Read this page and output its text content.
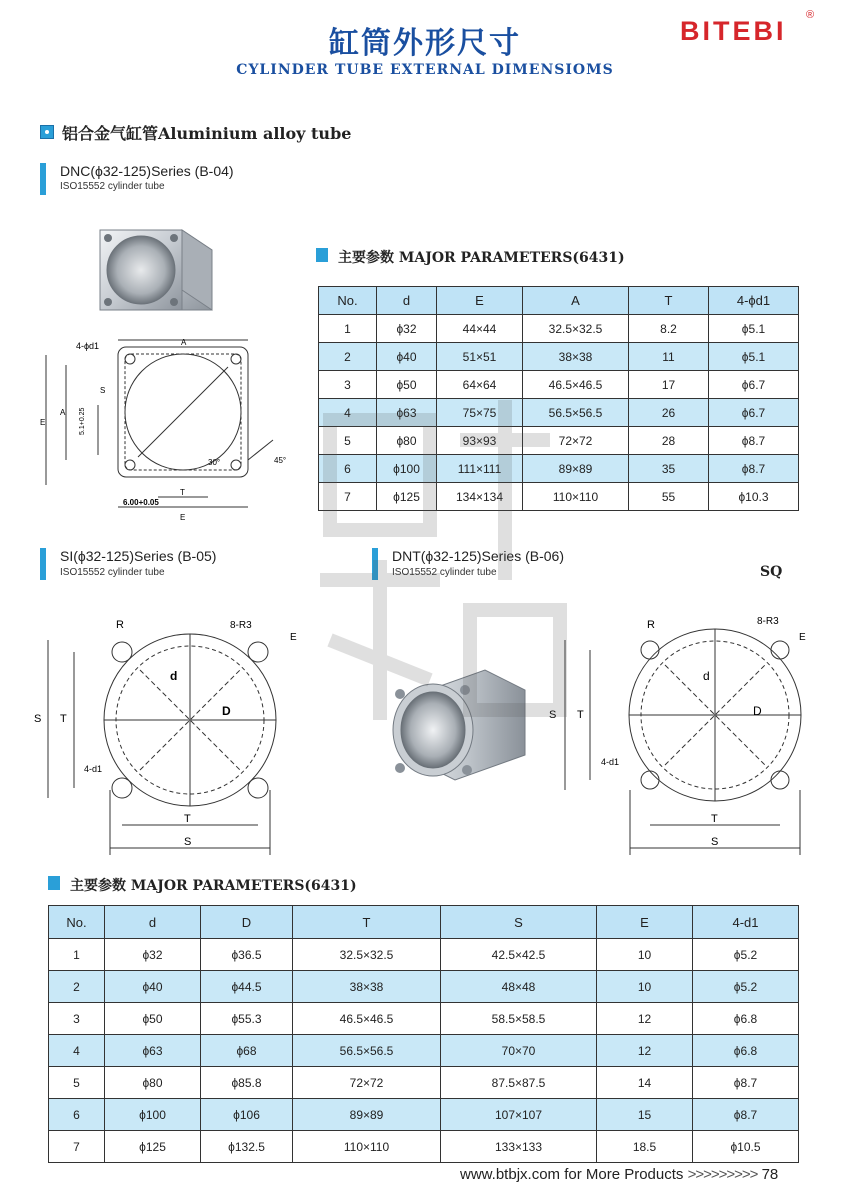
缸筒外形尺寸
CYLINDER TUBE EXTERNAL DIMENSIOMS
BITEBI
®
铝合金气缸管Aluminium alloy tube
DNC(ϕ32-125)Series (B-04)
ISO15552 cylinder tube
4-ϕd1	A
E
A
S
5.1+0.25
30°	45°
6.00+0.05
T
E
主要参数 MAJOR PARAMETERS(6431)
No.	d	E	A	T	4-ϕd1
1	ϕ32	44×44	32.5×32.5	8.2	ϕ5.1
2	ϕ40	51×51	38×38	11	ϕ5.1
3	ϕ50	64×64	46.5×46.5	17	ϕ6.7
4	ϕ63	75×75	56.5×56.5	26	ϕ6.7
5	ϕ80	93×93	72×72	28	ϕ8.7
6	ϕ100	111×111	89×89	35	ϕ8.7
7	ϕ125	134×134	110×110	55	ϕ10.3
SI(ϕ32-125)Series (B-05)
ISO15552 cylinder tube
R	8-R3
E
d
D
S T
4-d1
T
S
DNT(ϕ32-125)Series (B-06)
ISO15552 cylinder tube	SQ
R	8-R3
E
d
D
S T
4-d1
T
S
主要参数 MAJOR PARAMETERS(6431)
No.	d	D	T	S	E	4-d1
1	ϕ32	ϕ36.5	32.5×32.5	42.5×42.5	10	ϕ5.2
2	ϕ40	ϕ44.5	38×38	48×48	10	ϕ5.2
3	ϕ50	ϕ55.3	46.5×46.5	58.5×58.5	12	ϕ6.8
4	ϕ63	ϕ68	56.5×56.5	70×70	12	ϕ6.8
5	ϕ80	ϕ85.8	72×72	87.5×87.5	14	ϕ8.7
6	ϕ100	ϕ106	89×89	107×107	15	ϕ8.7
7	ϕ125	ϕ132.5	110×110	133×133	18.5	ϕ10.5
www.btbjx.com for More Products >>>>>>>>> 78
